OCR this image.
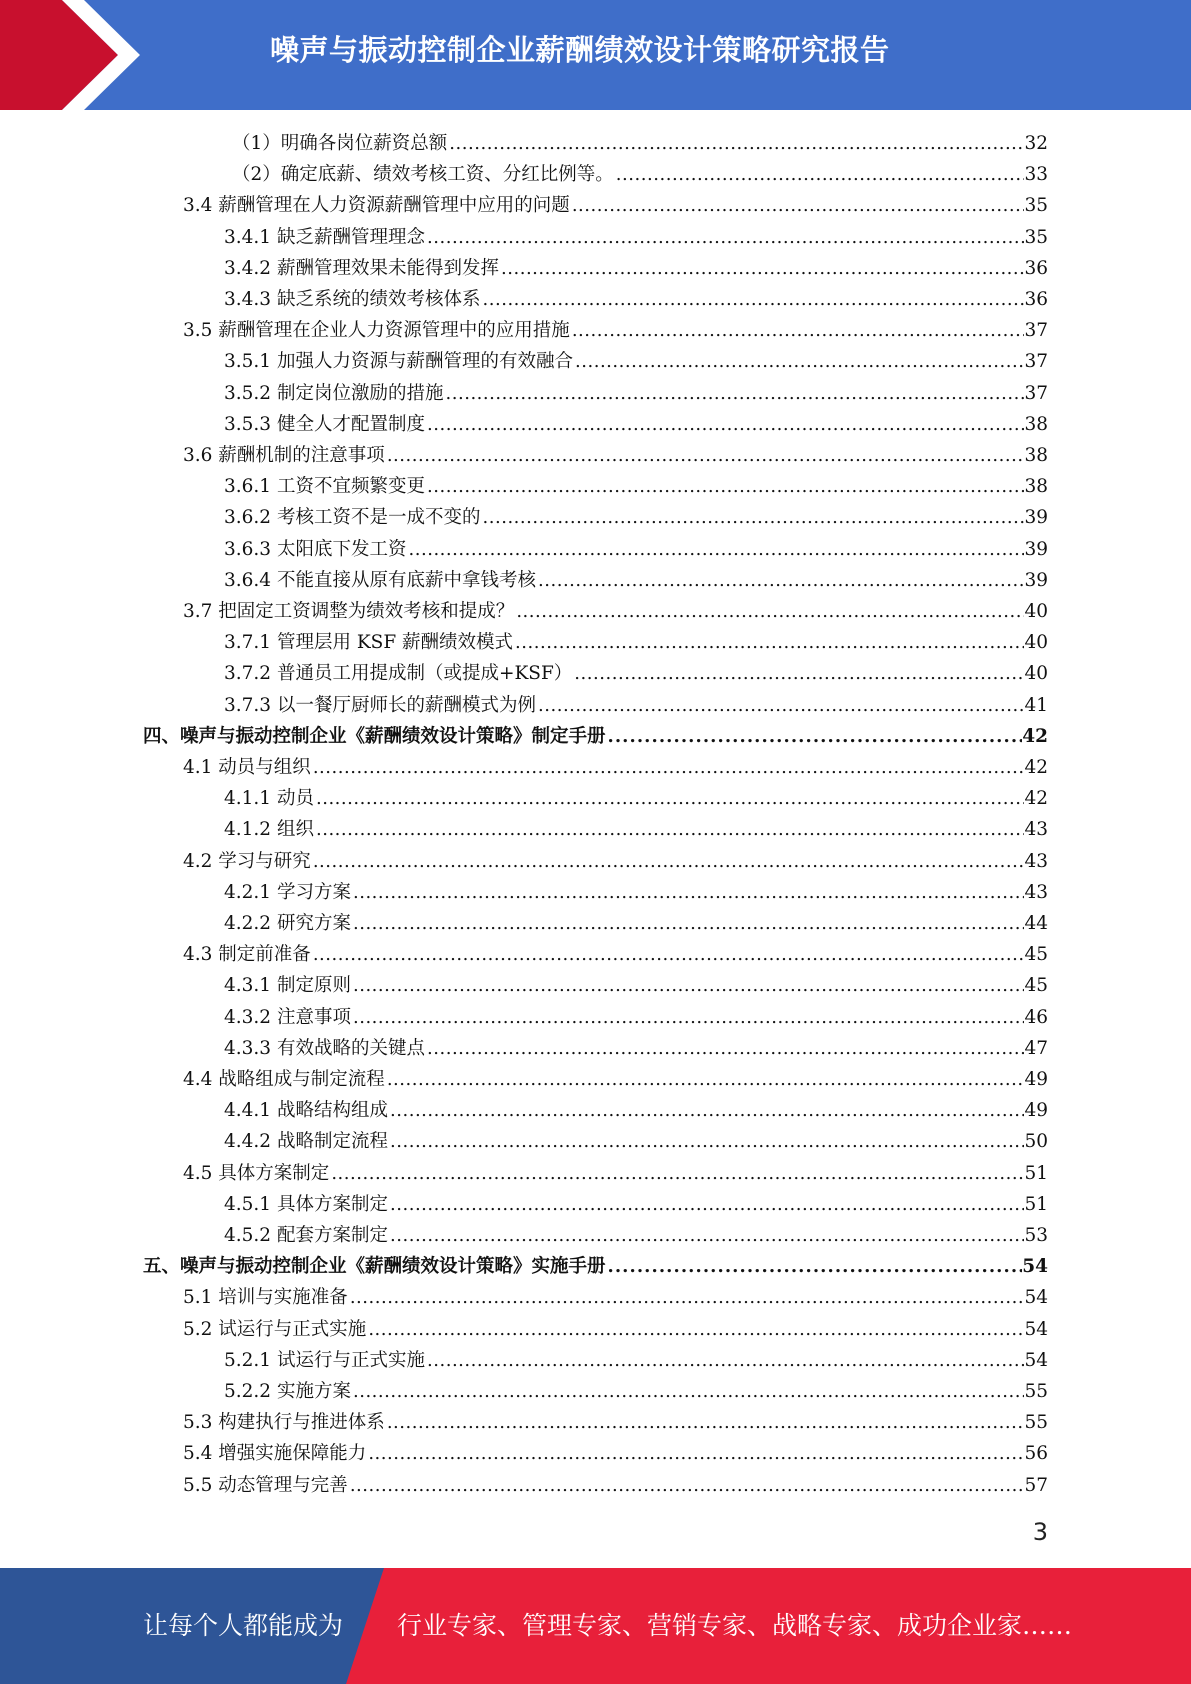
噪声与振动控制企业薪酬绩效设计策略研究报告
（1）明确各岗位薪资总额 . . .	32
（2）确定底薪、绩效考核工资、分红比例等。 . . .	33
3.4 薪酬管理在人力资源薪酬管理中应用的问题 . . .	35
3.4.1 缺乏薪酬管理理念 . . .	35
3.4.2 薪酬管理效果未能得到发挥 . . .	36
3.4.3 缺乏系统的绩效考核体系 . . .	36
3.5 薪酬管理在企业人力资源管理中的应用措施 . . .	37
3.5.1 加强人力资源与薪酬管理的有效融合 . . .	37
3.5.2 制定岗位激励的措施 . . .	37
3.5.3 健全人才配置制度 . . .	38
3.6 薪酬机制的注意事项 . . .	38
3.6.1 工资不宜频繁变更 . . .	38
3.6.2 考核工资不是一成不变的 . . .	39
3.6.3 太阳底下发工资 . . .	39
3.6.4 不能直接从原有底薪中拿钱考核 . . .	39
3.7 把固定工资调整为绩效考核和提成？ . . .	40
3.7.1 管理层用 KSF 薪酬绩效模式 . . .	40
3.7.2 普通员工用提成制（或提成+KSF） . . .	40
3.7.3 以一餐厅厨师长的薪酬模式为例 . . .	41
四、噪声与振动控制企业《薪酬绩效设计策略》制定手册 . . .	42
4.1 动员与组织 . . .	42
4.1.1 动员 . . .	42
4.1.2 组织 . . .	43
4.2 学习与研究 . . .	43
4.2.1 学习方案 . . .	43
4.2.2 研究方案 . . .	44
4.3 制定前准备 . . .	45
4.3.1 制定原则 . . .	45
4.3.2 注意事项 . . .	46
4.3.3 有效战略的关键点 . . .	47
4.4 战略组成与制定流程 . . .	49
4.4.1 战略结构组成 . . .	49
4.4.2 战略制定流程 . . .	50
4.5 具体方案制定 . . .	51
4.5.1 具体方案制定 . . .	51
4.5.2 配套方案制定 . . .	53
五、噪声与振动控制企业《薪酬绩效设计策略》实施手册 . . .	54
5.1 培训与实施准备 . . .	54
5.2 试运行与正式实施 . . .	54
5.2.1 试运行与正式实施 . . .	54
5.2.2 实施方案 . . .	55
5.3 构建执行与推进体系 . . .	55
5.4 增强实施保障能力 . . .	56
5.5 动态管理与完善 . . .	57
3
让每个人都能成为 行业专家、管理专家、营销专家、战略专家、成功企业家……
